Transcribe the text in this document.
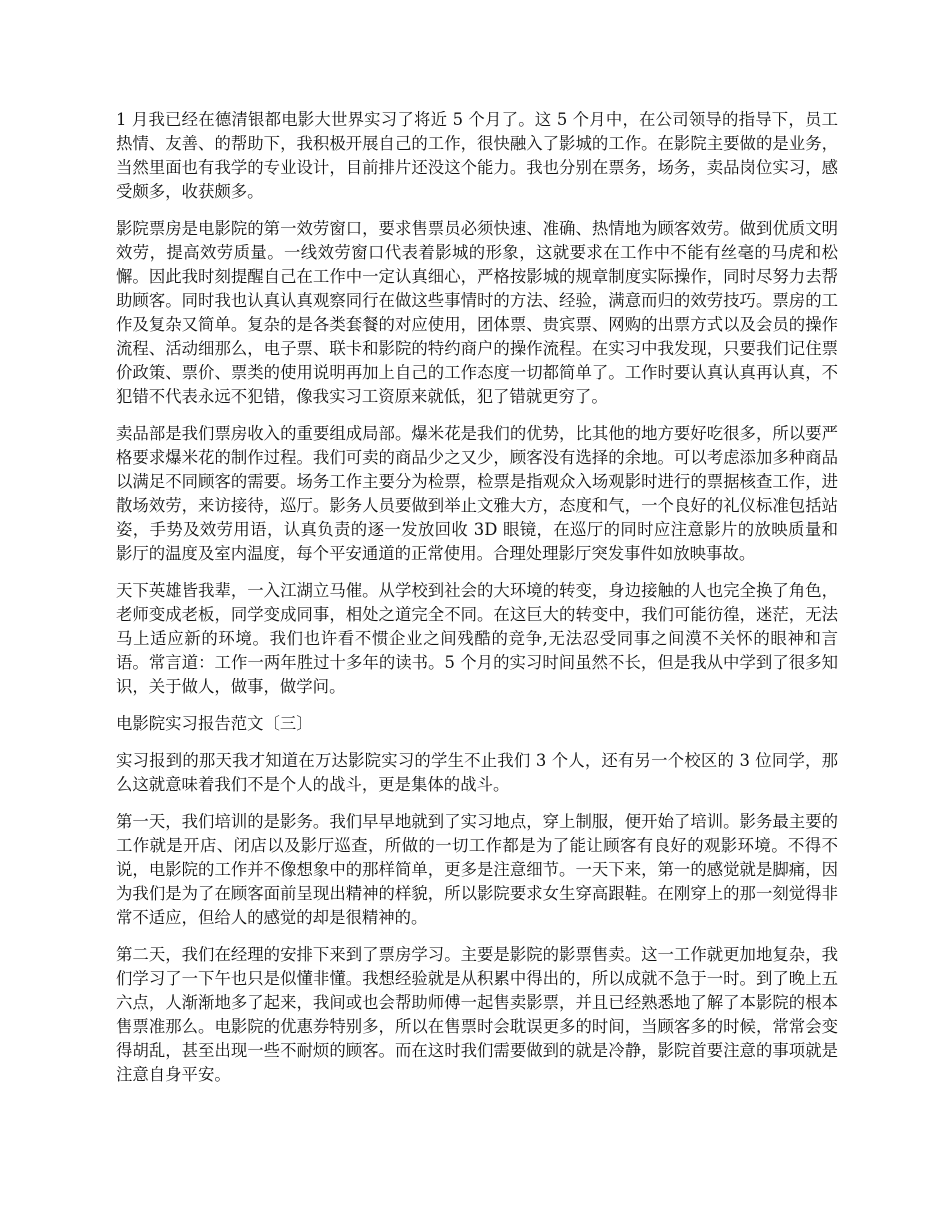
1 月我已经在德清银都电影大世界实习了将近 5 个月了。这 5 个月中，在公司领导的指导下，员工热情、友善、的帮助下，我积极开展自己的工作，很快融入了影城的工作。在影院主要做的是业务，当然里面也有我学的专业设计，目前排片还没这个能力。我也分别在票务，场务，卖品岗位实习，感受颇多，收获颇多。

影院票房是电影院的第一效劳窗口，要求售票员必须快速、准确、热情地为顾客效劳。做到优质文明效劳，提高效劳质量。一线效劳窗口代表着影城的形象，这就要求在工作中不能有丝毫的马虎和松懈。因此我时刻提醒自己在工作中一定认真细心，严格按影城的规章制度实际操作，同时尽努力去帮助顾客。同时我也认真认真观察同行在做这些事情时的方法、经验，满意而归的效劳技巧。票房的工作及复杂又简单。复杂的是各类套餐的对应使用，团体票、贵宾票、网购的出票方式以及会员的操作流程、活动细那么，电子票、联卡和影院的特约商户的操作流程。在实习中我发现，只要我们记住票价政策、票价、票类的使用说明再加上自己的工作态度一切都简单了。工作时要认真认真再认真，不犯错不代表永远不犯错，像我实习工资原来就低，犯了错就更穷了。

卖品部是我们票房收入的重要组成局部。爆米花是我们的优势，比其他的地方要好吃很多，所以要严格要求爆米花的制作过程。我们可卖的商品少之又少，顾客没有选择的余地。可以考虑添加多种商品以满足不同顾客的需要。场务工作主要分为检票，检票是指观众入场观影时进行的票据核查工作，进散场效劳，来访接待，巡厅。影务人员要做到举止文雅大方，态度和气，一个良好的礼仪标准包括站姿，手势及效劳用语，认真负责的逐一发放回收 3D 眼镜，在巡厅的同时应注意影片的放映质量和影厅的温度及室内温度，每个平安通道的正常使用。合理处理影厅突发事件如放映事故。

天下英雄皆我辈，一入江湖立马催。从学校到社会的大环境的转变，身边接触的人也完全换了角色，老师变成老板，同学变成同事，相处之道完全不同。在这巨大的转变中，我们可能彷徨，迷茫，无法马上适应新的环境。我们也许看不惯企业之间残酷的竞争,无法忍受同事之间漠不关怀的眼神和言语。常言道：工作一两年胜过十多年的读书。5 个月的实习时间虽然不长，但是我从中学到了很多知识，关于做人，做事，做学问。

电影院实习报告范文〔三〕

实习报到的那天我才知道在万达影院实习的学生不止我们 3 个人，还有另一个校区的 3 位同学，那么这就意味着我们不是个人的战斗，更是集体的战斗。

第一天，我们培训的是影务。我们早早地就到了实习地点，穿上制服，便开始了培训。影务最主要的工作就是开店、闭店以及影厅巡查，所做的一切工作都是为了能让顾客有良好的观影环境。不得不说，电影院的工作并不像想象中的那样简单，更多是注意细节。一天下来，第一的感觉就是脚痛，因为我们是为了在顾客面前呈现出精神的样貌，所以影院要求女生穿高跟鞋。在刚穿上的那一刻觉得非常不适应，但给人的感觉的却是很精神的。

第二天，我们在经理的安排下来到了票房学习。主要是影院的影票售卖。这一工作就更加地复杂，我们学习了一下午也只是似懂非懂。我想经验就是从积累中得出的，所以成就不急于一时。到了晚上五六点，人渐渐地多了起来，我间或也会帮助师傅一起售卖影票，并且已经熟悉地了解了本影院的根本售票准那么。电影院的优惠券特别多，所以在售票时会耽误更多的时间，当顾客多的时候，常常会变得胡乱，甚至出现一些不耐烦的顾客。而在这时我们需要做到的就是冷静，影院首要注意的事项就是注意自身平安。
